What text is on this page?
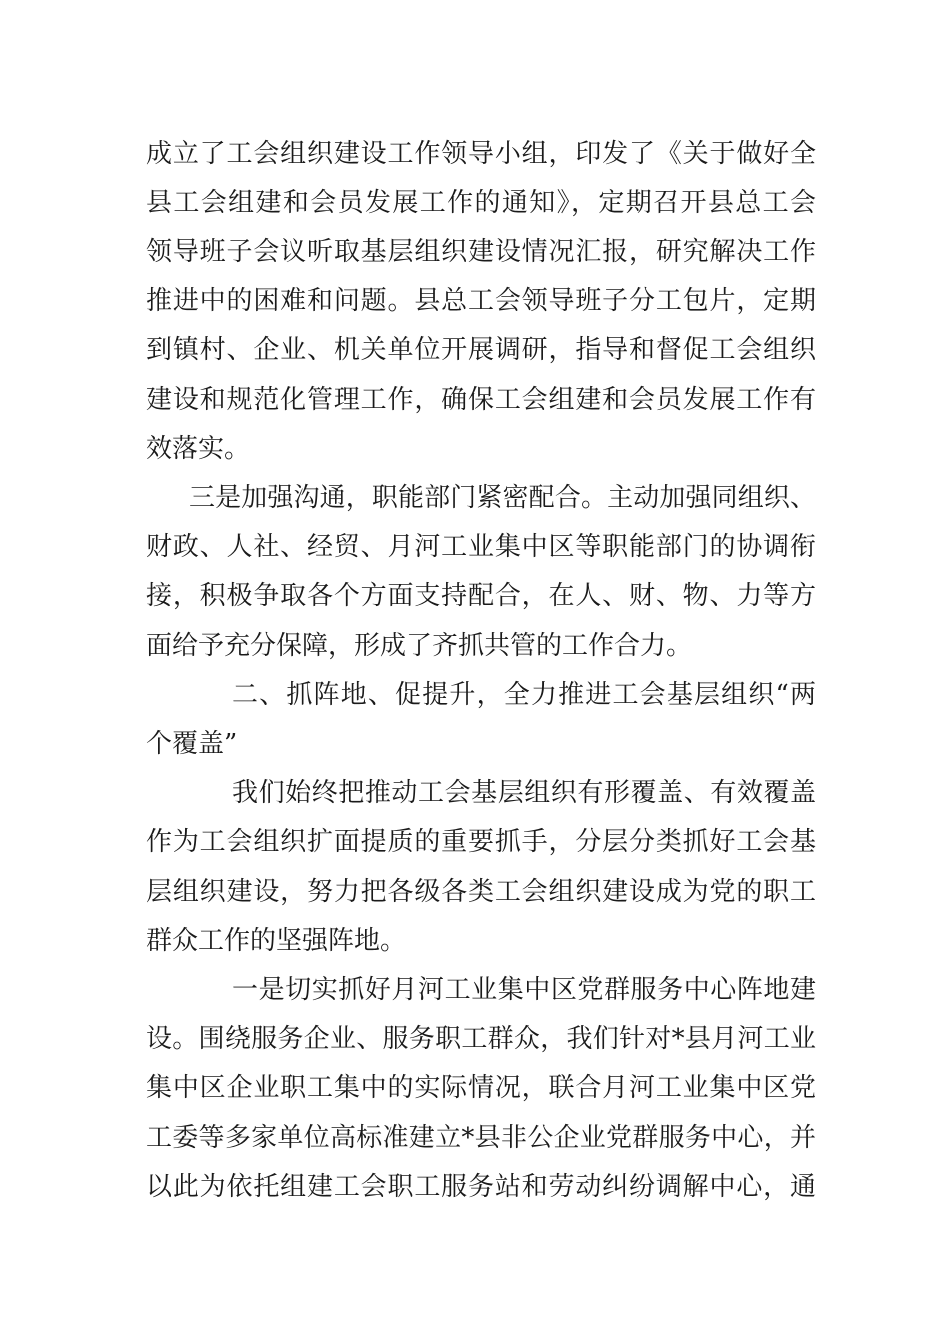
成立了工会组织建设工作领导小组，印发了《关于做好全
县工会组建和会员发展工作的通知》，定期召开县总工会
领导班子会议听取基层组织建设情况汇报，研究解决工作
推进中的困难和问题。县总工会领导班子分工包片，定期
到镇村、企业、机关单位开展调研，指导和督促工会组织
建设和规范化管理工作，确保工会组建和会员发展工作有
效落实。
三是加强沟通，职能部门紧密配合。主动加强同组织、
财政、人社、经贸、月河工业集中区等职能部门的协调衔
接，积极争取各个方面支持配合，在人、财、物、力等方
面给予充分保障，形成了齐抓共管的工作合力。
二、抓阵地、促提升，全力推进工会基层组织“两
个覆盖”
我们始终把推动工会基层组织有形覆盖、有效覆盖
作为工会组织扩面提质的重要抓手，分层分类抓好工会基
层组织建设，努力把各级各类工会组织建设成为党的职工
群众工作的坚强阵地。
一是切实抓好月河工业集中区党群服务中心阵地建
设。围绕服务企业、服务职工群众，我们针对*县月河工业
集中区企业职工集中的实际情况，联合月河工业集中区党
工委等多家单位高标准建立*县非公企业党群服务中心，并
以此为依托组建工会职工服务站和劳动纠纷调解中心，通
